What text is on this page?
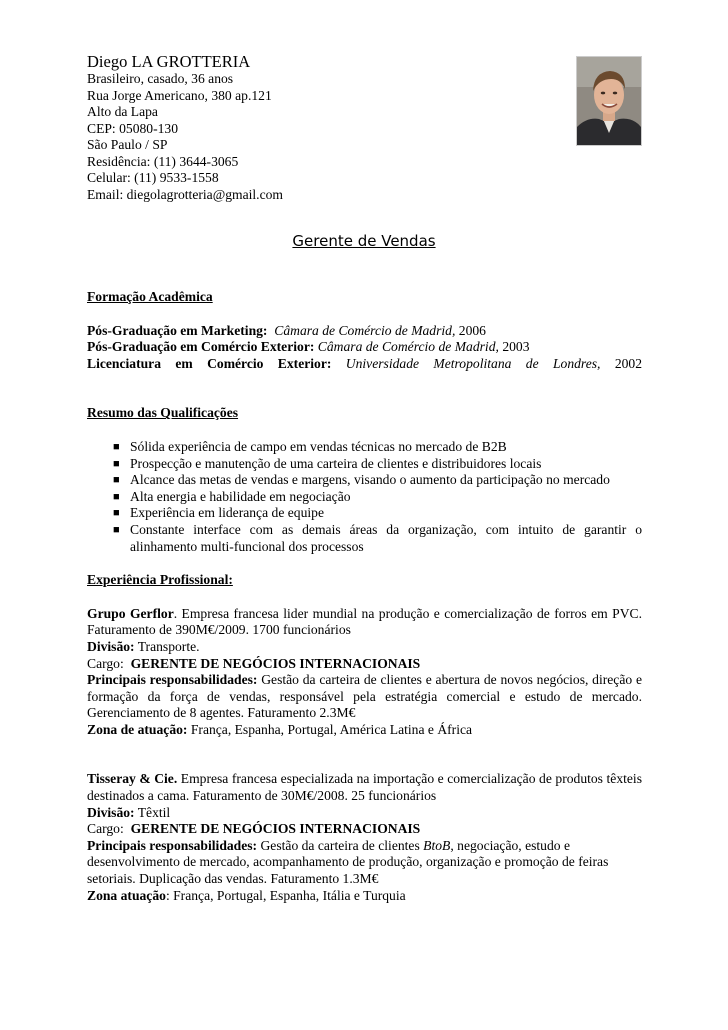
Diego LA GROTTERIA
Brasileiro, casado, 36 anos
Rua Jorge Americano, 380 ap.121
Alto da Lapa
CEP: 05080-130
São Paulo / SP
Residência: (11) 3644-3065
Celular: (11) 9533-1558
Email: diegolagrotteria@gmail.com
Gerente de Vendas
Formação Acadêmica
Pós-Graduação em Marketing: Câmara de Comércio de Madrid, 2006
Pós-Graduação em Comércio Exterior: Câmara de Comércio de Madrid, 2003
Licenciatura em Comércio Exterior: Universidade Metropolitana de Londres, 2002
Resumo das Qualificações
■ Sólida experiência de campo em vendas técnicas no mercado de B2B
■ Prospecção e manutenção de uma carteira de clientes e distribuidores locais
■ Alcance das metas de vendas e margens, visando o aumento da participação no mercado
■ Alta energia e habilidade em negociação
■ Experiência em liderança de equipe
■ Constante interface com as demais áreas da organização, com intuito de garantir o alinhamento multi-funcional dos processos
Experiência Profissional:
Grupo Gerflor. Empresa francesa lider mundial na produção e comercialização de forros em PVC. Faturamento de 390M€/2009. 1700 funcionários
Divisão: Transporte.
Cargo:  GERENTE DE NEGÓCIOS INTERNACIONAIS
Principais responsabilidades: Gestão da carteira de clientes e abertura de novos negócios, direção e formação da força de vendas, responsável pela estratégia comercial e estudo de mercado. Gerenciamento de 8 agentes. Faturamento 2.3M€
Zona de atuação: França, Espanha, Portugal, América Latina e África
Tisseray & Cie. Empresa francesa especializada na importação e comercialização de produtos têxteis destinados a cama. Faturamento de 30M€/2008. 25 funcionários
Divisão: Têxtil
Cargo:  GERENTE DE NEGÓCIOS INTERNACIONAIS
Principais responsabilidades: Gestão da carteira de clientes BtoB, negociação, estudo e desenvolvimento de mercado, acompanhamento de produção, organização e promoção de feiras setoriais. Duplicação das vendas. Faturamento 1.3M€
Zona atuação: França, Portugal, Espanha, Itália e Turquia
